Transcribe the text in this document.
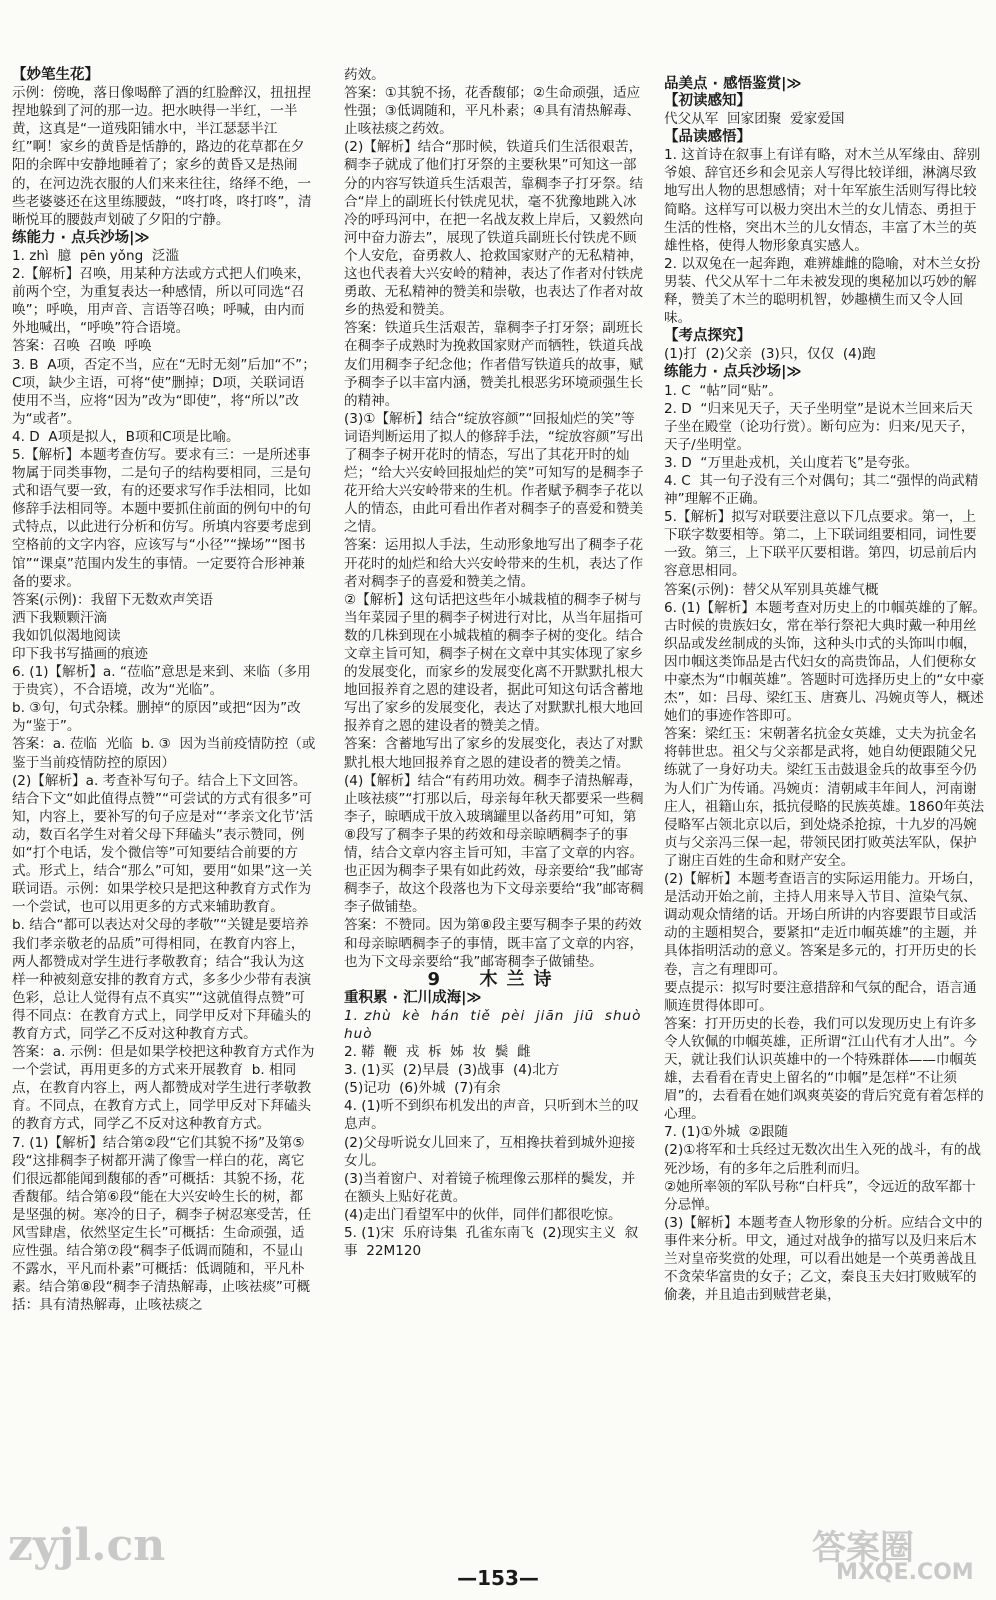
【妙笔生花】

示例：傍晚，落日像喝醉了酒的红脸醉汉，扭扭捏捏地躲到了河的那一边。把水映得一半红，一半黄，这真是“一道残阳铺水中，半江瑟瑟半江红”啊！家乡的黄昏是恬静的，路边的花草都在夕阳的余晖中安静地睡着了；家乡的黄昏又是热闹的，在河边洗衣服的人们来来往往，络绎不绝，一些老婆婆还在这里练腰鼓，“咚打咚，咚打咚”，清晰悦耳的腰鼓声划破了夕阳的宁静。

练能力 · 点兵沙场|≫

1. zhì  臆  pēn yǒng  泛滥

2.【解析】召唤，用某种方法或方式把人们唤来，前两个空，为重复表达一种感情，所以可同选“召唤”；呼唤，用声音、言语等召唤；呼喊，由内而外地喊出，“呼唤”符合语境。
答案：召唤  召唤  呼唤

3. B  A项，否定不当，应在“无时无刻”后加“不”；C项，缺少主语，可将“使”删掉；D项，关联词语使用不当，应将“因为”改为“即使”，将“所以”改为“或者”。

4. D  A项是拟人，B项和C项是比喻。

5.【解析】本题考查仿写。要求有三：一是所述事物属于同类事物，二是句子的结构要相同，三是句式和语气要一致，有的还要求写作手法相同，比如修辞手法相同等。本题中要抓住前面的例句中的句式特点，以此进行分析和仿写。所填内容要考虑到空格前的文字内容，应该写与“小径”“操场”“图书馆”“课桌”范围内发生的事情。一定要符合形神兼备的要求。
答案(示例)：我留下无数欢声笑语
洒下我颗颗汗滴
我如饥似渴地阅读
印下我书写描画的痕迹

6. (1)【解析】a. “莅临”意思是来到、来临（多用于贵宾），不合语境，改为“光临”。
b. ③句，句式杂糅。删掉“的原因”或把“因为”改为“鉴于”。
答案：a. 莅临  光临  b. ③  因为当前疫情防控（或鉴于当前疫情防控的原因）

(2)【解析】a. 考查补写句子。结合上下文回答。结合下文“如此值得点赞”“可尝试的方式有很多”可知，内容上，要补写的句子应是对“‘孝亲文化节’活动，数百名学生对着父母下拜磕头”表示赞同，例如“打个电话，发个微信等”可知要结合前要的方式。形式上，结合“那么”可知，要用“如果”这一关联词语。示例：如果学校只是把这种教育方式作为一个尝试，也可以用更多的方式来辅助教育。
b. 结合“都可以表达对父母的孝敬”“关键是要培养我们孝亲敬老的品质”可得相同，在教育内容上，两人都赞成对学生进行孝敬教育；结合“我认为这样一种被刻意安排的教育方式，多多少少带有表演色彩，总让人觉得有点不真实”“这就值得点赞”可得不同点：在教育方式上，同学甲反对下拜磕头的教育方式，同学乙不反对这种教育方式。
答案：a. 示例：但是如果学校把这种教育方式作为一个尝试，再用更多的方式来开展教育  b. 相同点，在教育内容上，两人都赞成对学生进行孝敬教育。不同点，在教育方式上，同学甲反对下拜磕头的教育方式，同学乙不反对这种教育方式。

7. (1)【解析】结合第②段“它们其貌不扬”及第⑤段“这排稠李子树都开满了像雪一样白的花，离它们很远都能闻到馥郁的香”可概括：其貌不扬，花香馥郁。结合第⑥段“能在大兴安岭生长的树，都是坚强的树。寒冷的日子，稠李子树忍寒受苦，任风雪肆虐，依然坚定生长”可概括：生命顽强，适应性强。结合第⑦段“稠李子低调而随和，不显山不露水，平凡而朴素”可概括：低调随和，平凡朴素。结合第⑧段“稠李子清热解毒，止咳祛痰”可概括：具有清热解毒，止咳祛痰之

药效。

答案：①其貌不扬，花香馥郁；②生命顽强，适应性强；③低调随和，平凡朴素；④具有清热解毒、止咳祛痰之药效。

(2)【解析】结合“那时候，铁道兵们生活很艰苦，稠李子就成了他们打牙祭的主要秋果”可知这一部分的内容写铁道兵生活艰苦，靠稠李子打牙祭。结合“岸上的副班长付铁虎见状，毫不犹豫地跳入冰冷的呼玛河中，在把一名战友救上岸后，又毅然向河中奋力游去”，展现了铁道兵副班长付铁虎不顾个人安危，奋勇救人、抢救国家财产的无私精神，这也代表着大兴安岭的精神，表达了作者对付铁虎勇敢、无私精神的赞美和崇敬，也表达了作者对故乡的热爱和赞美。
答案：铁道兵生活艰苦，靠稠李子打牙祭；副班长在稠李子成熟时为挽救国家财产而牺牲，铁道兵战友们用稠李子纪念他；作者借写铁道兵的故事，赋予稠李子以丰富内涵，赞美扎根恶劣环境顽强生长的精神。

(3)①【解析】结合“绽放容颜”“回报灿烂的笑”等词语判断运用了拟人的修辞手法，“绽放容颜”写出了稠李子树开花时的情态，写出了其花开时的灿烂；“给大兴安岭回报灿烂的笑”可知写的是稠李子花开给大兴安岭带来的生机。作者赋予稠李子花以人的情态，由此可看出作者对稠李子的喜爱和赞美之情。
答案：运用拟人手法，生动形象地写出了稠李子花开花时的灿烂和给大兴安岭带来的生机，表达了作者对稠李子的喜爱和赞美之情。

②【解析】这句话把这些年小城栽植的稠李子树与当年菜园子里的稠李子树进行对比，从当年屈指可数的几株到现在小城栽植的稠李子树的变化。结合文章主旨可知，稠李子树在文章中其实体现了家乡的发展变化，而家乡的发展变化离不开默默扎根大地回报养育之恩的建设者，据此可知这句话含蓄地写出了家乡的发展变化，表达了对默默扎根大地回报养育之恩的建设者的赞美之情。
答案：含蓄地写出了家乡的发展变化，表达了对默默扎根大地回报养育之恩的建设者的赞美之情。

(4)【解析】结合“有药用功效。稠李子清热解毒，止咳祛痰”“打那以后，母亲每年秋天都要采一些稠李子，晾晒成干放入玻璃罐里以备药用”可知，第⑧段写了稠李子果的药效和母亲晾晒稠李子的事情，结合文章内容主旨可知，丰富了文章的内容。也正因为稠李子果有如此药效，母亲要给“我”邮寄稠李子，故这个段落也为下文母亲要给“我”邮寄稠李子做铺垫。
答案：不赞同。因为第⑧段主要写稠李子果的药效和母亲晾晒稠李子的事情，既丰富了文章的内容，也为下文母亲要给“我”邮寄稠李子做铺垫。

9  木兰诗

重积累 · 汇川成海|≫

1. zhù  kè  hán  tiě  pèi  jiān  jiū  shuò  huò

2. 鞯  鞭  戎  柝  姊  妆  鬓  雌

3. (1)买  (2)早晨  (3)战事  (4)北方
(5)记功  (6)外城  (7)有余

4. (1)听不到织布机发出的声音，只听到木兰的叹息声。
(2)父母听说女儿回来了，互相搀扶着到城外迎接女儿。
(3)当着窗户、对着镜子梳理像云那样的鬓发，并在额头上贴好花黄。
(4)走出门看望军中的伙伴，同伴们都很吃惊。

5. (1)宋  乐府诗集  孔雀东南飞  (2)现实主义  叙事  22M120

品美点 · 感悟鉴赏|≫

【初读感知】

代父从军  回家团聚  爱家爱国

【品读感悟】

1. 这首诗在叙事上有详有略，对木兰从军缘由、辞别爷娘、辞官还乡和会见亲人写得比较详细，淋漓尽致地写出人物的思想感情；对十年军旅生活则写得比较简略。这样写可以极力突出木兰的女儿情态、勇担于生活的性格，突出木兰的儿女情态，丰富了木兰的英雄性格，使得人物形象真实感人。

2. 以双兔在一起奔跑，难辨雄雌的隐喻，对木兰女扮男装、代父从军十二年未被发现的奥秘加以巧妙的解释，赞美了木兰的聪明机智，妙趣横生而又令人回味。

【考点探究】

(1)打  (2)父亲  (3)只，仅仅  (4)跑

练能力 · 点兵沙场|≫

1. C  “帖”同“贴”。

2. D  “归来见天子，天子坐明堂”是说木兰回来后天子坐在殿堂（论功行赏）。断句应为：归来/见天子，天子/坐明堂。

3. D  “万里赴戎机，关山度若飞”是夸张。

4. C  其一句子没有三个对偶句；其二“强悍的尚武精神”理解不正确。

5.【解析】拟写对联要注意以下几点要求。第一，上下联字数要相等。第二，上下联词组要相同，词性要一致。第三，上下联平仄要相谐。第四，切忌前后内容意思相同。
答案(示例)：替父从军别具英雄气概

6. (1)【解析】本题考查对历史上的巾帼英雄的了解。古时候的贵族妇女，常在举行祭祀大典时戴一种用丝织品或发丝制成的头饰，这种头巾式的头饰叫巾帼，因巾帼这类饰品是古代妇女的高贵饰品，人们便称女中豪杰为“巾帼英雄”。答题时可选择历史上的“女中豪杰”，如：吕母、梁红玉、唐赛儿、冯婉贞等人，概述她们的事迹作答即可。
答案：梁红玉：宋朝著名抗金女英雄，丈夫为抗金名将韩世忠。祖父与父亲都是武将，她自幼便跟随父兄练就了一身好功夫。梁红玉击鼓退金兵的故事至今仍为人们广为传诵。冯婉贞：清朝咸丰年间人，河南谢庄人，祖籍山东，抵抗侵略的民族英雄。1860年英法侵略军占领北京以后，到处烧杀抢掠，十九岁的冯婉贞与父亲冯三保一起，带领民团打败英法军队，保护了谢庄百姓的生命和财产安全。

(2)【解析】本题考查语言的实际运用能力。开场白，是活动开始之前，主持人用来导入节目、渲染气氛、调动观众情绪的话。开场白所讲的内容要跟节目或活动的主题相契合，要紧扣“走近巾帼英雄”的主题，并具体指明活动的意义。答案是多元的，打开历史的长卷，言之有理即可。
要点提示：拟写时要注意措辞和气氛的配合，语言通顺连贯得体即可。
答案：打开历史的长卷，我们可以发现历史上有许多令人钦佩的巾帼英雄，正所谓“江山代有才人出”。今天，就让我们认识英雄中的一个特殊群体——巾帼英雄，去看看在青史上留名的“巾帼”是怎样“不让须眉”的，去看看在她们飒爽英姿的背后究竟有着怎样的心理。

7. (1)①外城  ②跟随
(2)①将军和士兵经过无数次出生入死的战斗，有的战死沙场，有的多年之后胜利而归。
②她所率领的军队号称“白杆兵”，令远近的敌军都十分忌惮。
(3)【解析】本题考查人物形象的分析。应结合文中的事件来分析。甲文，通过对战争的描写以及归来后木兰对皇帝奖赏的处理，可以看出她是一个英勇善战且不贪荣华富贵的女子；乙文，秦良玉夫妇打败贼军的偷袭，并且追击到贼营老巢，

—153—
zyjl.cn	答案圈
MXQE.COM
